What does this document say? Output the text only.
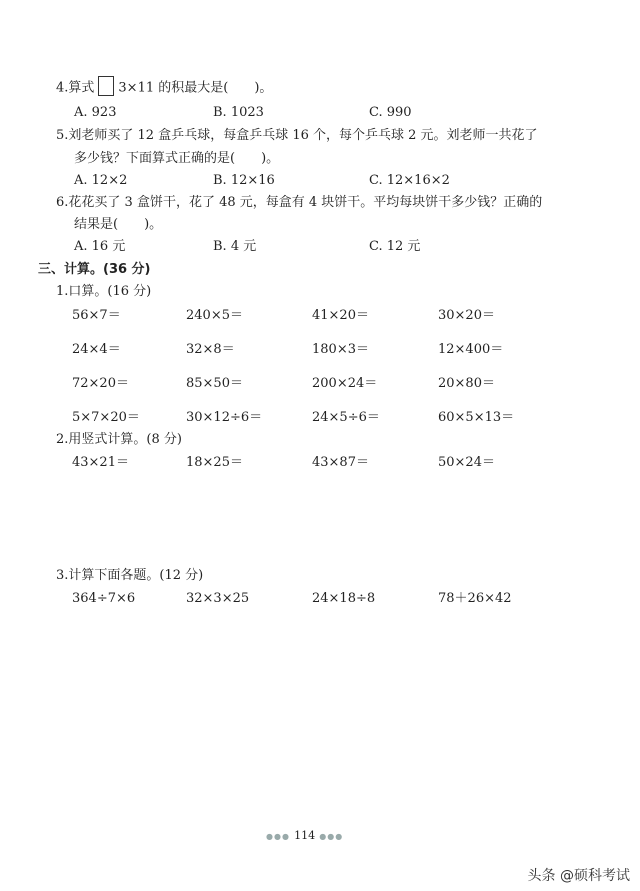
4.算式 3×11 的积最大是(　　)。
A. 923	B. 1023	C. 990
5.刘老师买了 12 盒乒乓球，每盒乒乓球 16 个，每个乒乓球 2 元。刘老师一共花了
多少钱？下面算式正确的是(　　)。
A. 12×2	B. 12×16	C. 12×16×2
6.花花买了 3 盒饼干，花了 48 元，每盒有 4 块饼干。平均每块饼干多少钱？正确的
结果是(　　)。
A. 16 元	B. 4 元	C. 12 元
三、计算。(36 分)
1.口算。(16 分)
56×7＝	240×5＝	41×20＝	30×20＝
24×4＝	32×8＝	180×3＝	12×400＝
72×20＝	85×50＝	200×24＝	20×80＝
5×7×20＝	30×12÷6＝	24×5÷6＝	60×5×13＝
2.用竖式计算。(8 分)
43×21＝	18×25＝	43×87＝	50×24＝
3.计算下面各题。(12 分)
364÷7×6	32×3×25	24×18÷8	78＋26×42
●●● 114 ●●●
头条 @硕科考试
